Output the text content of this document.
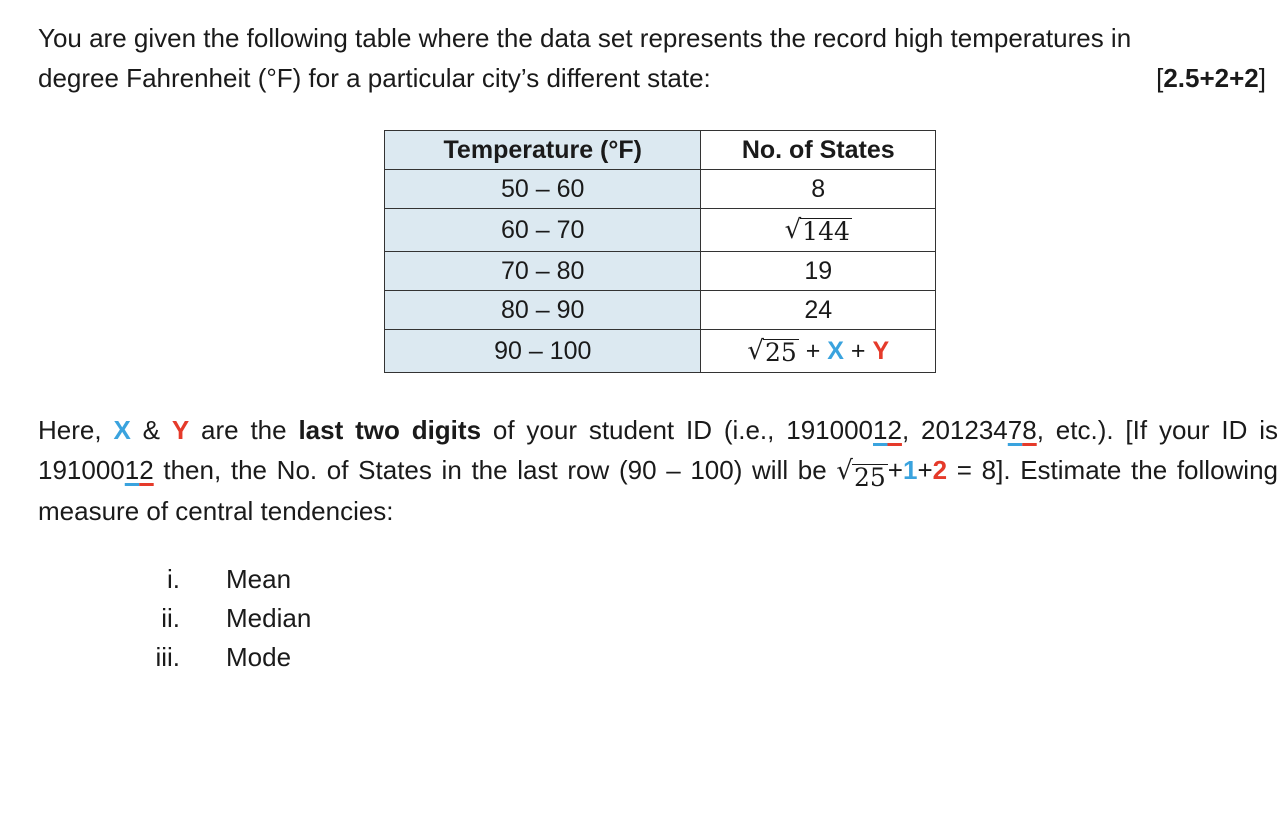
You are given the following table where the data set represents the record high temperatures in
degree Fahrenheit (°F) for a particular city’s different state:	[2.5+2+2]
Temperature (°F)	No. of States
50 – 60	8
60 – 70	√ 144

70 – 80	19
80 – 90	24
90 – 100	√ 25 + X + Y
Here, X & Y are the last two digits of your student ID (i.e., 19100012, 20123478, etc.). [If your ID is 19100012 then, the No. of States in the last row (90 – 100) will be √ 25 +1+2 = 8]. Estimate the following measure of central tendencies:
i. Mean
ii. Median
iii. Mode
